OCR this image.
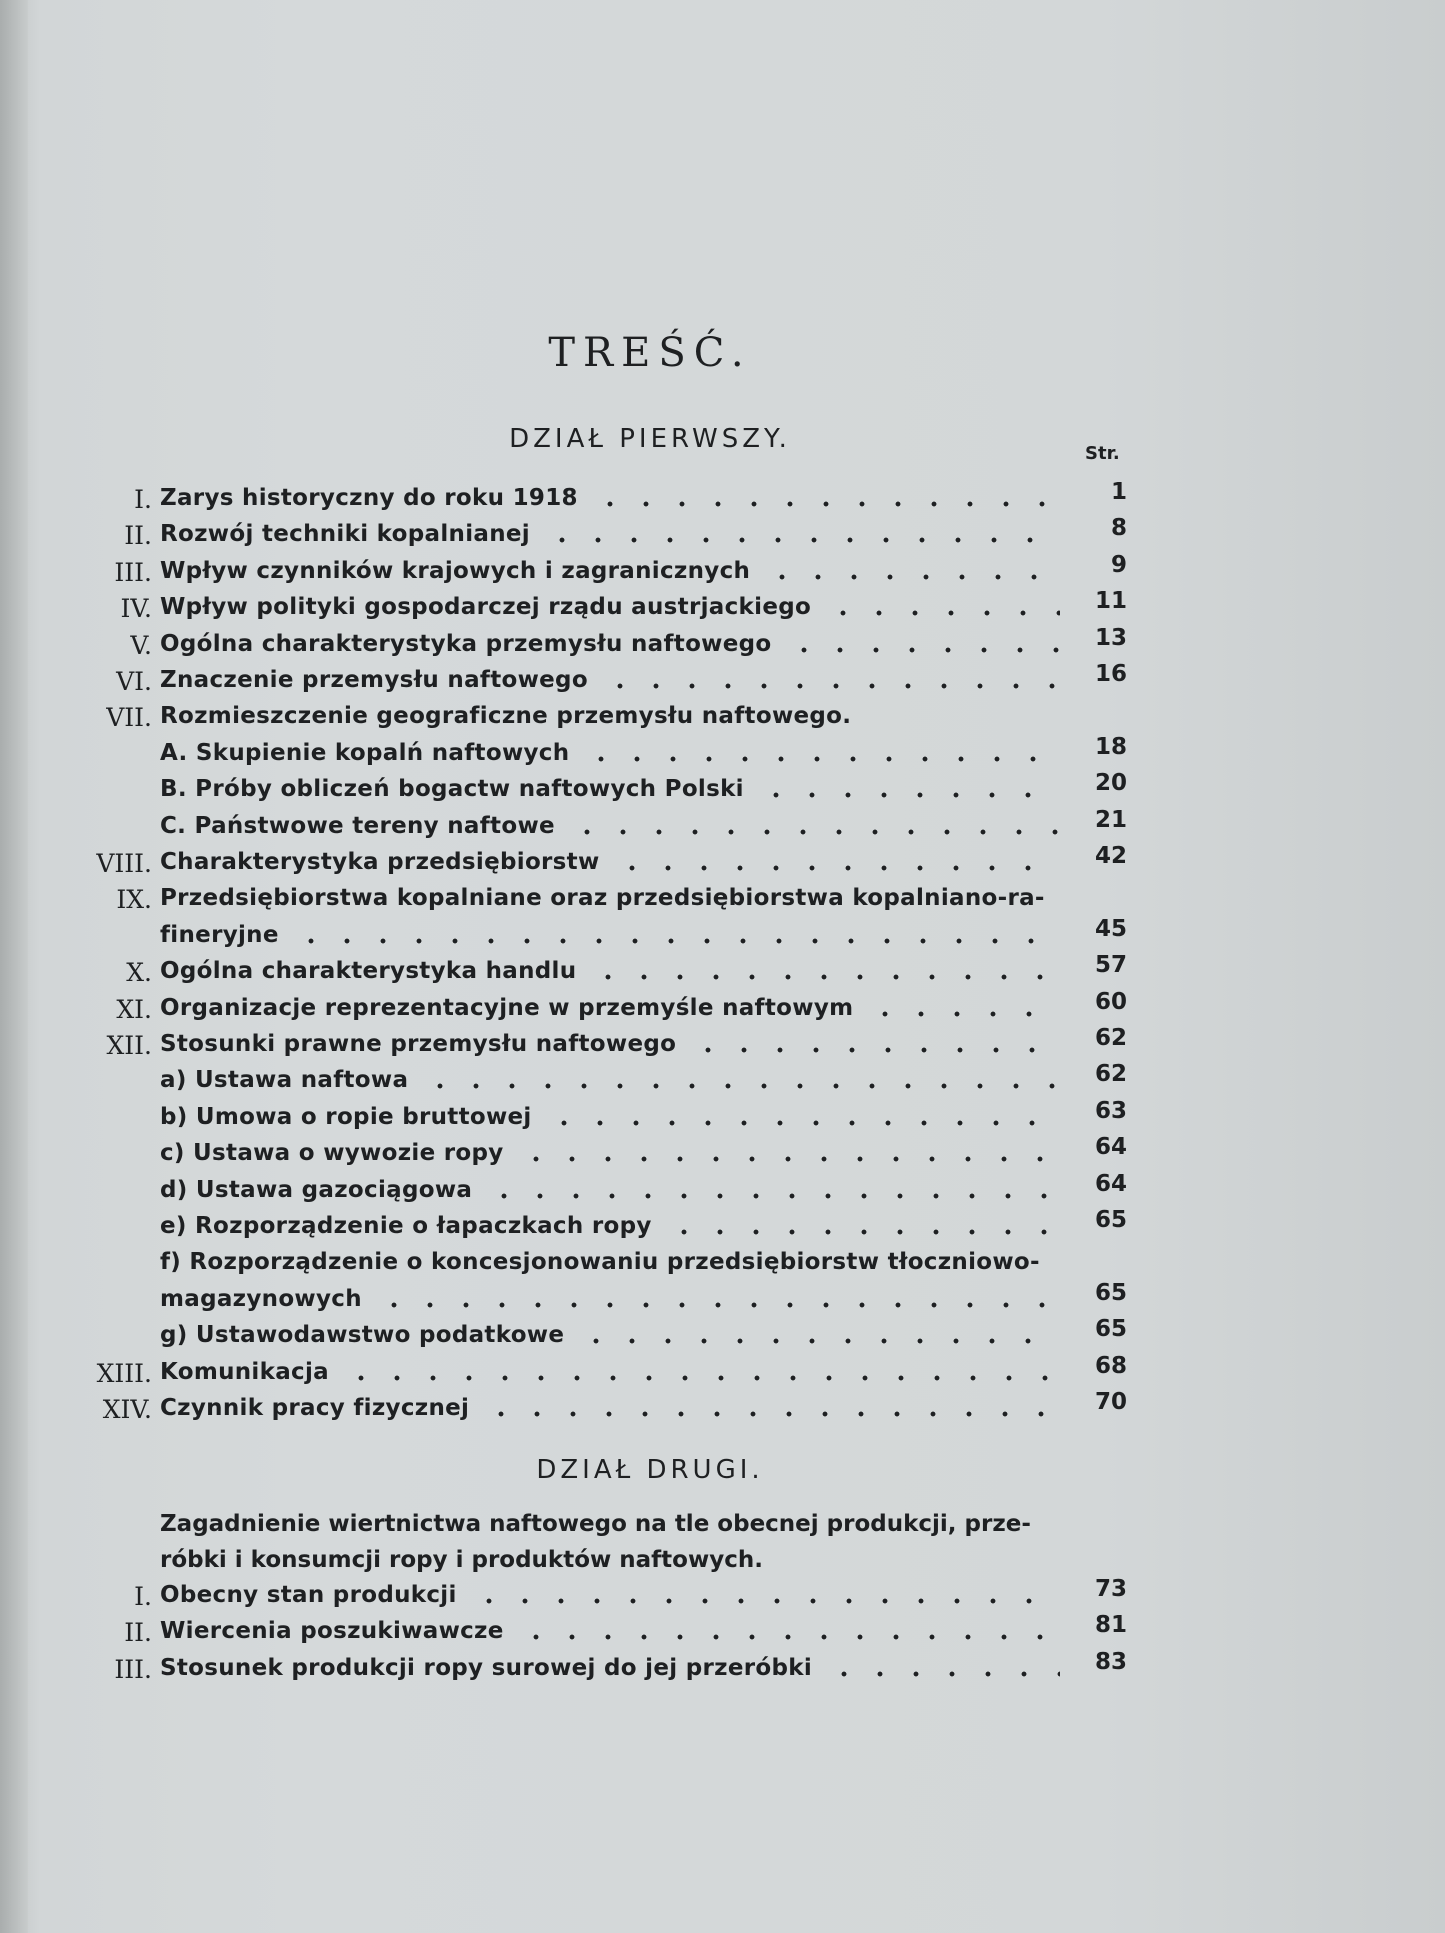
TREŚĆ.
DZIAŁ PIERWSZY.	Str.
I. Zarys historyczny do roku 1918	1
II. Rozwój techniki kopalnianej	8
III. Wpływ czynników krajowych i zagranicznych	9
IV. Wpływ polityki gospodarczej rządu austrjackiego	11
V. Ogólna charakterystyka przemysłu naftowego	13
VI. Znaczenie przemysłu naftowego	16
VII. Rozmieszczenie geograficzne przemysłu naftowego.
A. Skupienie kopalń naftowych	18
B. Próby obliczeń bogactw naftowych Polski	20
C. Państwowe tereny naftowe	21
VIII. Charakterystyka przedsiębiorstw	42
IX. Przedsiębiorstwa kopalniane oraz przedsiębiorstwa kopalniano-ra-
fineryjne	45
X. Ogólna charakterystyka handlu	57
XI. Organizacje reprezentacyjne w przemyśle naftowym	60
XII. Stosunki prawne przemysłu naftowego	62
a) Ustawa naftowa	62
b) Umowa o ropie bruttowej	63
c) Ustawa o wywozie ropy	64
d) Ustawa gazociągowa	64
e) Rozporządzenie o łapaczkach ropy	65
f) Rozporządzenie o koncesjonowaniu przedsiębiorstw tłoczniowo-
magazynowych	65
g) Ustawodawstwo podatkowe	65
XIII. Komunikacja	68
XIV. Czynnik pracy fizycznej	70
DZIAŁ DRUGI.
Zagadnienie wiertnictwa naftowego na tle obecnej produkcji, prze-
róbki i konsumcji ropy i produktów naftowych.
I. Obecny stan produkcji	73
II. Wiercenia poszukiwawcze	81
III. Stosunek produkcji ropy surowej do jej przeróbki	83
